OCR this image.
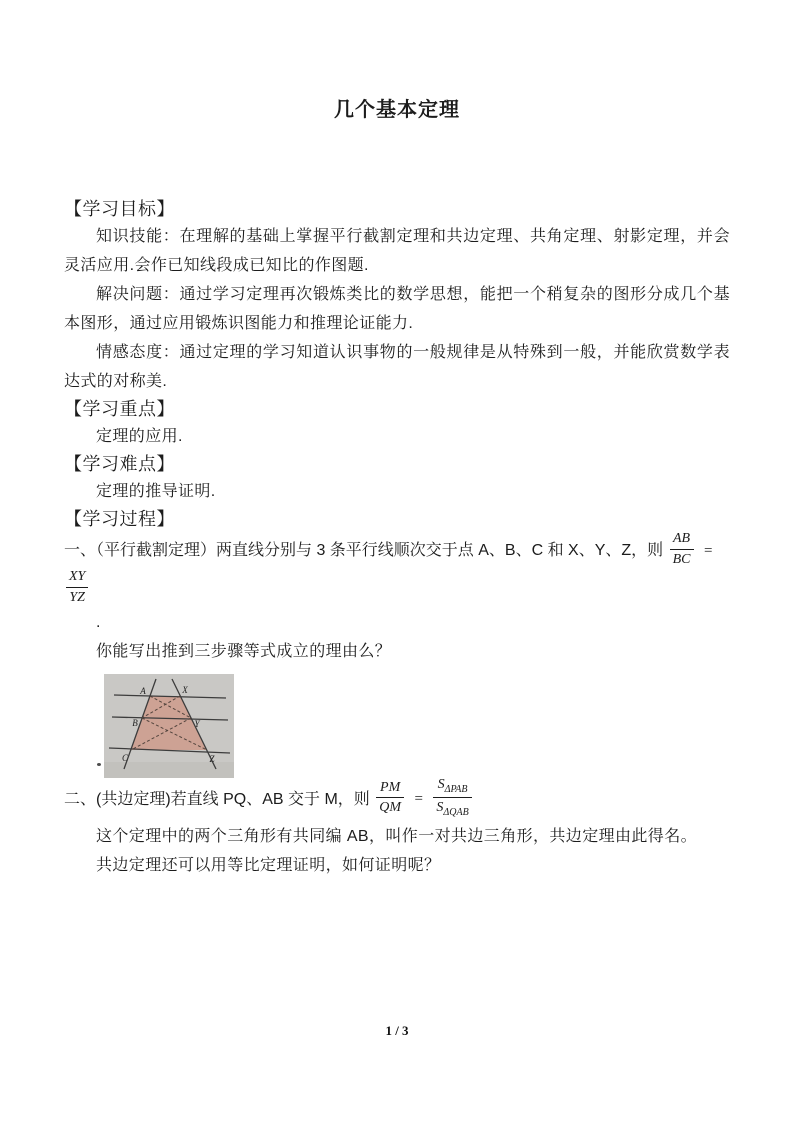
几个基本定理
【学习目标】

知识技能：在理解的基础上掌握平行截割定理和共边定理、共角定理、射影定理，并会灵活应用.会作已知线段成已知比的作图题.

解决问题：通过学习定理再次锻炼类比的数学思想，能把一个稍复杂的图形分成几个基本图形，通过应用锻炼识图能力和推理论证能力.

情感态度：通过定理的学习知道认识事物的一般规律是从特殊到一般，并能欣赏数学表达式的对称美.

【学习重点】

定理的应用.

【学习难点】

定理的推导证明.

【学习过程】

一、（平行截割定理）两直线分别与 3 条平行线顺次交于点 A、B、C 和 X、Y、Z，则 $\frac{AB}{BC}$ =
$\frac{XY}{YZ}$

.

你能写出推到三步骤等式成立的理由么？

A	X
B	Y
C	Z

二、(共边定理)若直线 PQ、AB 交于 M，则 $\frac{PM}{QM} = \frac{S_{\Delta PAB}}{S_{\Delta QAB}}$

这个定理中的两个三角形有共同编 AB，叫作一对共边三角形，共边定理由此得名。

共边定理还可以用等比定理证明，如何证明呢？

1 / 3
